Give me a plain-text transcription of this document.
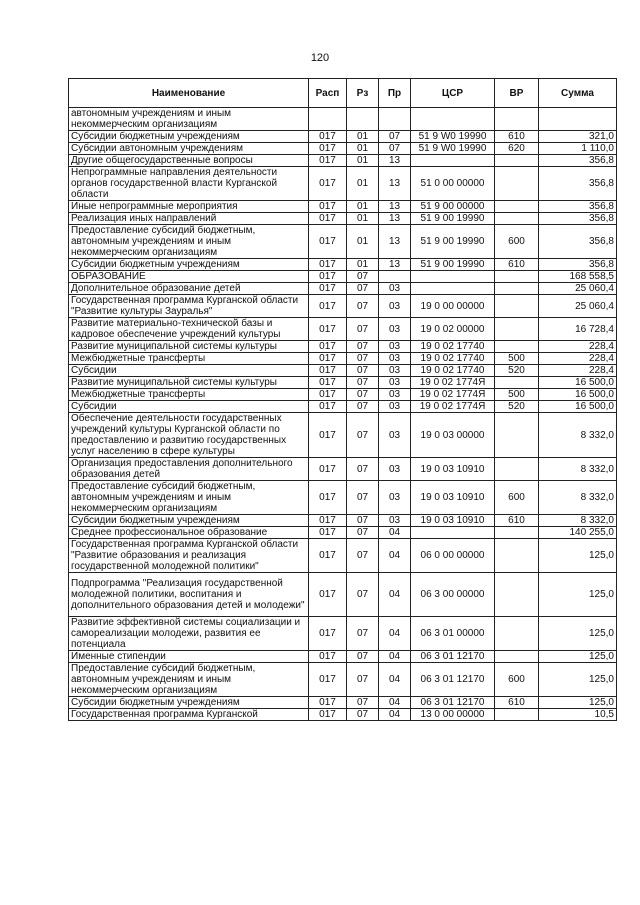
120
Наименование	Расп	Рз	Пр	ЦСР	ВР	Сумма
автономным учреждениям и иным некоммерческим организациям						
Субсидии бюджетным учреждениям	017	01	07	51 9 W0 19990	610	321,0
Субсидии автономным учреждениям	017	01	07	51 9 W0 19990	620	1 110,0
Другие общегосударственные вопросы	017	01	13			356,8
Непрограммные направления деятельности органов государственной власти Курганской области	017	01	13	51 0 00 00000		356,8
Иные непрограммные мероприятия	017	01	13	51 9 00 00000		356,8
Реализация иных направлений	017	01	13	51 9 00 19990		356,8
Предоставление субсидий бюджетным, автономным учреждениям и иным некоммерческим организациям	017	01	13	51 9 00 19990	600	356,8
Субсидии бюджетным учреждениям	017	01	13	51 9 00 19990	610	356,8
ОБРАЗОВАНИЕ	017	07				168 558,5
Дополнительное образование детей	017	07	03			25 060,4
Государственная программа Курганской области "Развитие культуры Зауралья"	017	07	03	19 0 00 00000		25 060,4
Развитие материально-технической базы и кадровое обеспечение учреждений культуры	017	07	03	19 0 02 00000		16 728,4
Развитие муниципальной системы культуры	017	07	03	19 0 02 17740		228,4
Межбюджетные трансферты	017	07	03	19 0 02 17740	500	228,4
Субсидии	017	07	03	19 0 02 17740	520	228,4
Развитие муниципальной системы культуры	017	07	03	19 0 02 1774Я		16 500,0
Межбюджетные трансферты	017	07	03	19 0 02 1774Я	500	16 500,0
Субсидии	017	07	03	19 0 02 1774Я	520	16 500,0
Обеспечение деятельности государственных учреждений культуры Курганской области по предоставлению и развитию государственных услуг населению в сфере культуры	017	07	03	19 0 03 00000		8 332,0
Организация предоставления дополнительного образования детей	017	07	03	19 0 03 10910		8 332,0
Предоставление субсидий бюджетным, автономным учреждениям и иным некоммерческим организациям	017	07	03	19 0 03 10910	600	8 332,0
Субсидии бюджетным учреждениям	017	07	03	19 0 03 10910	610	8 332,0
Среднее профессиональное образование	017	07	04			140 255,0
Государственная программа Курганской области "Развитие образования и реализация государственной молодежной политики"	017	07	04	06 0 00 00000		125,0
Подпрограмма "Реализация государственной молодежной политики, воспитания и дополнительного образования детей и молодежи"	017	07	04	06 3 00 00000		125,0
Развитие эффективной системы социализации и самореализации молодежи, развития ее потенциала	017	07	04	06 3 01 00000		125,0
Именные стипендии	017	07	04	06 3 01 12170		125,0
Предоставление субсидий бюджетным, автономным учреждениям и иным некоммерческим организациям	017	07	04	06 3 01 12170	600	125,0
Субсидии бюджетным учреждениям	017	07	04	06 3 01 12170	610	125,0
Государственная программа Курганской	017	07	04	13 0 00 00000		10,5
